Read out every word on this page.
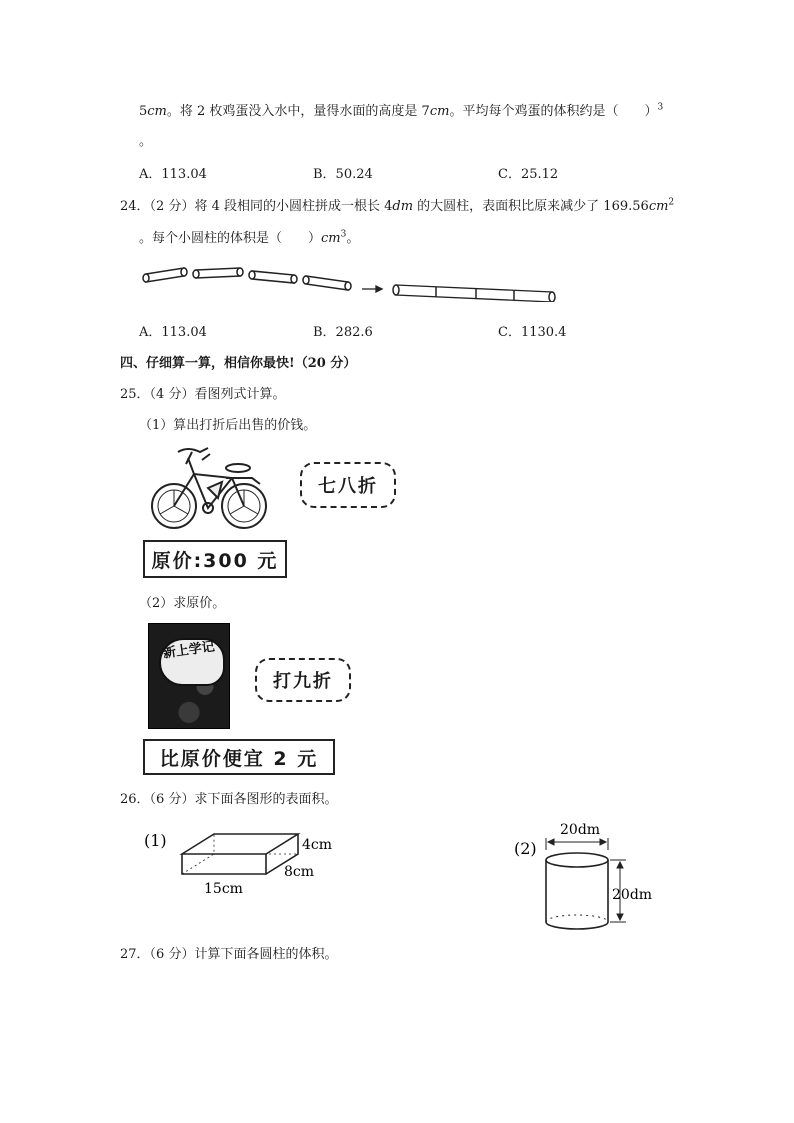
5cm。将 2 枚鸡蛋没入水中，量得水面的高度是 7cm。平均每个鸡蛋的体积约是（　　）$^3$
。
A．113.04	B．50.24	C．25.12
24．（2 分）将 4 段相同的小圆柱拼成一根长 4dm 的大圆柱，表面积比原来减少了 $169.56cm^2$
。每个小圆柱的体积是（　　）$cm^3$。
A．113.04	B．282.6	C．1130.4
四、仔细算一算，相信你最快!（20 分）
25．（4 分）看图列式计算。
（1）算出打折后出售的价钱。
七八折
原价:300 元
（2）求原价。
新上学记
打九折
比原价便宜 2 元
26．（6 分）求下面各图形的表面积。
(1)	4cm
8cm
15cm
(2)
20dm
20dm
27．（6 分）计算下面各圆柱的体积。
